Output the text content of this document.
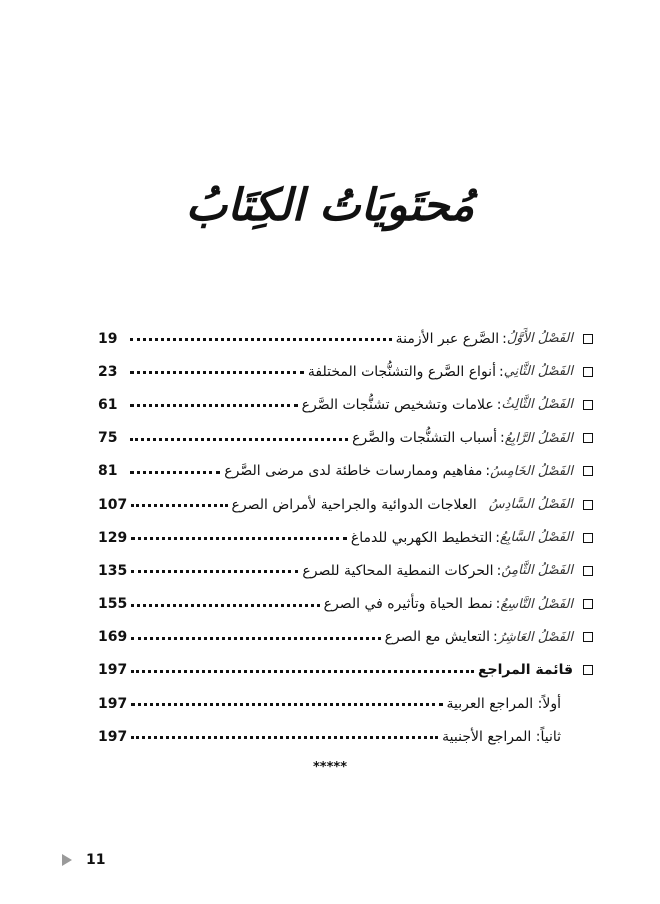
مُحتَويَاتُ الكِتَابُ
الفَصْلُ الأَوَّلُ
:
الصَّرع عبر الأزمنة
19
الفَصْلُ الثَّانِي
:
أنواع الصَّرع والتشنُّجات المختلفة
23
الفَصْلُ الثَّالِثُ
:
علامات وتشخيص تشنُّجات الصَّرع
61
الفَصْلُ الرَّابِعُ
:
أسباب التشنُّجات والصَّرع
75
الفَصْلُ الخَامِسُ
:
مفاهيم وممارسات خاطئة لدى مرضى الصَّرع
81
الفَصْلُ السَّادِسُ
العلاجات الدوائية والجراحية لأمراض الصرع
107
الفَصْلُ السَّابِعُ
:
التخطيط الكهربي للدماغ
129
الفَصْلُ الثَّامِنُ
:
الحركات النمطية المحاكية للصرع
135
الفَصْلُ التَّاسِعُ
:
نمط الحياة وتأثيره في الصرع
155
الفَصْلُ العَاشِرُ
:
التعايش مع الصرع
169
قائمة المراجع
197
أولاً: المراجع العربية
197
ثانياً: المراجع الأجنبية
197
*****
11
